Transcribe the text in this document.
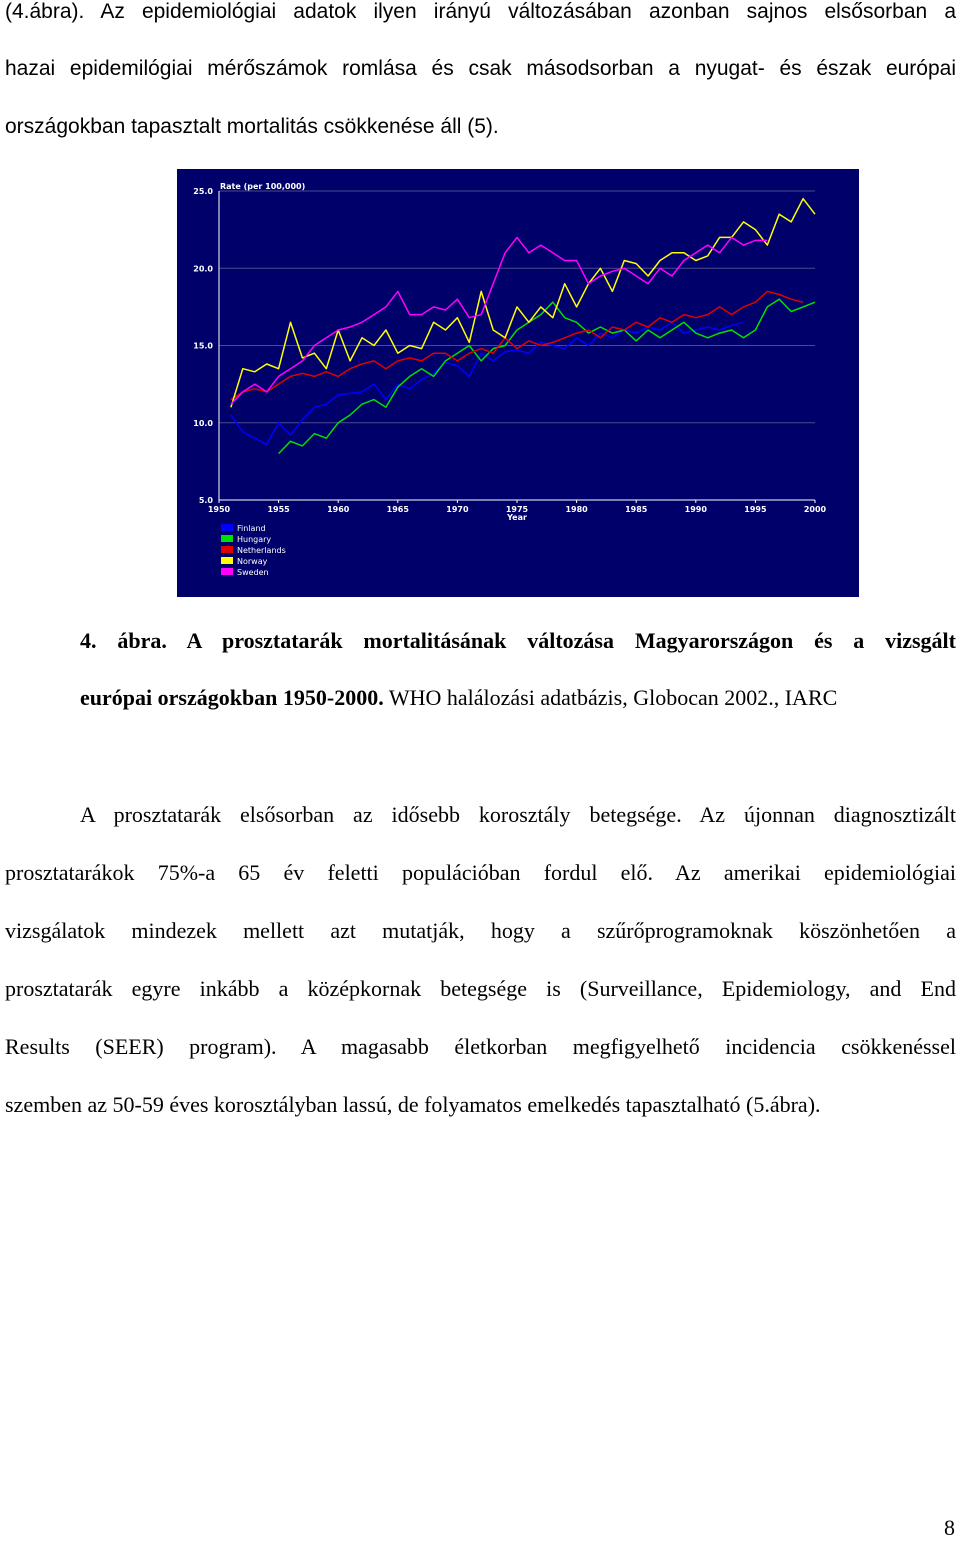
(4.ábra). Az epidemiológiai adatok ilyen irányú változásában azonban sajnos elsősorban a
hazai epidemilógiai mérőszámok romlása és csak másodsorban a nyugat- és észak európai
országokban tapasztalt mortalitás csökkenése áll (5).
5.0
10.0
15.0
20.0
25.0
1950	1955	1960	1965	1970	1975	1980	1985	1990	1995	2000
Rate (per 100,000)
Year
Finland
Hungary
Netherlands
Norway
Sweden
4. ábra. A prosztatarák mortalitásának változása Magyarországon és a vizsgált
európai országokban 1950-2000. WHO halálozási adatbázis, Globocan 2002., IARC
A prosztatarák elsősorban az idősebb korosztály betegsége. Az újonnan diagnosztizált
prosztatarákok 75%-a 65 év feletti populációban fordul elő. Az amerikai epidemiológiai
vizsgálatok mindezek mellett azt mutatják, hogy a szűrőprogramoknak köszönhetően a
prosztatarák egyre inkább a középkornak betegsége is (Surveillance, Epidemiology, and End
Results (SEER) program). A magasabb életkorban megfigyelhető incidencia csökkenéssel
szemben az 50-59 éves korosztályban lassú, de folyamatos emelkedés tapasztalható (5.ábra).
8
